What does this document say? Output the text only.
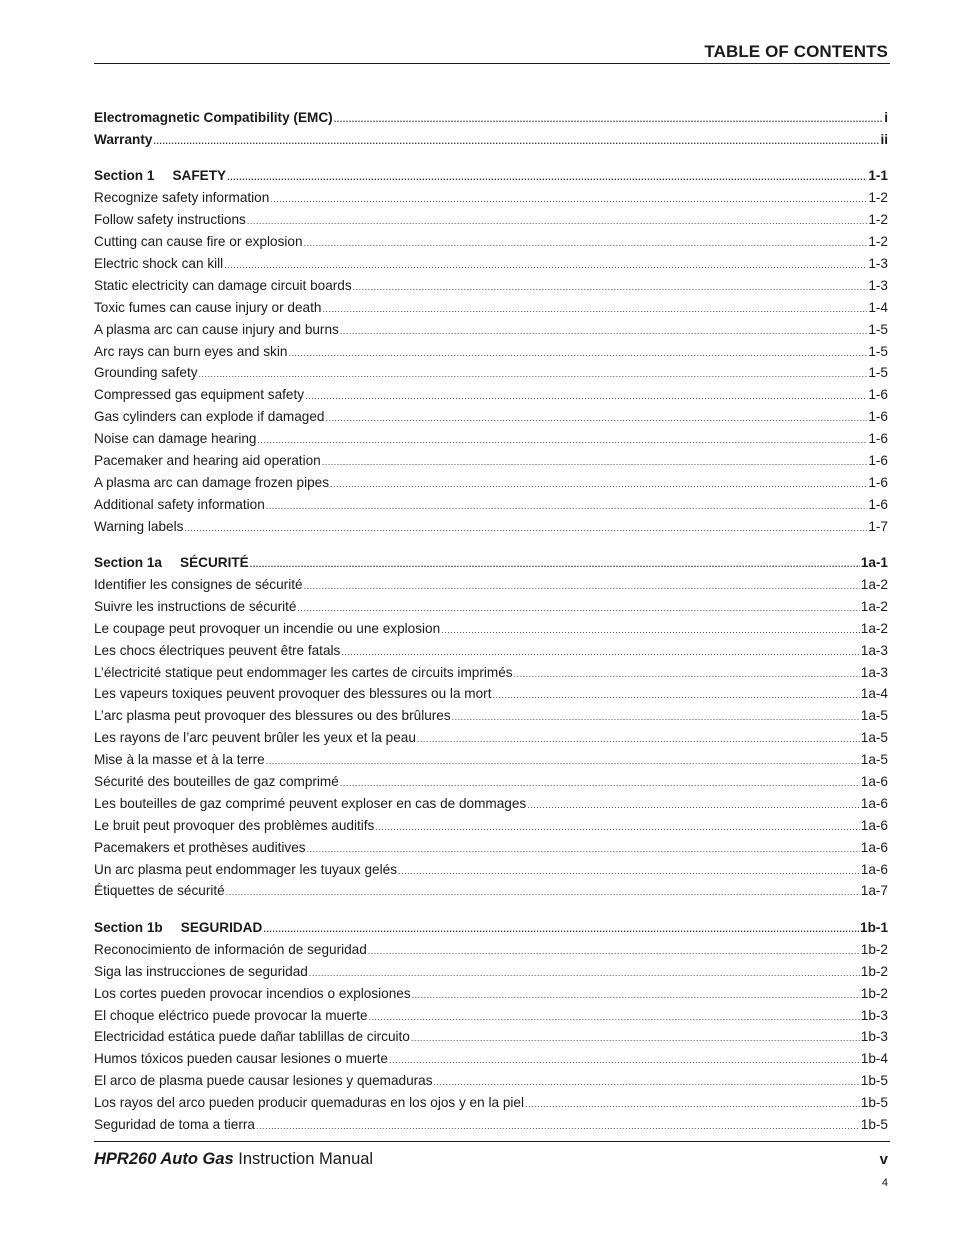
TABLE OF CONTENTS
Electromagnetic Compatibility (EMC) .....	i
Warranty .....	ii
Section 1 SAFETY .....	1-1
Recognize safety information .....	1-2
Follow safety instructions .....	1-2
Cutting can cause fire or explosion .....	1-2
Electric shock can kill .....	1-3
Static electricity can damage circuit boards .....	1-3
Toxic fumes can cause injury or death .....	1-4
A plasma arc can cause injury and burns .....	1-5
Arc rays can burn eyes and skin .....	1-5
Grounding safety .....	1-5
Compressed gas equipment safety .....	1-6
Gas cylinders can explode if damaged .....	1-6
Noise can damage hearing .....	1-6
Pacemaker and hearing aid operation .....	1-6
A plasma arc can damage frozen pipes .....	1-6
Additional safety information .....	1-6
Warning labels .....	1-7
Section 1a SÉCURITÉ .....	1a-1
Identifier les consignes de sécurité .....	1a-2
Suivre les instructions de sécurité .....	1a-2
Le coupage peut provoquer un incendie ou une explosion .....	1a-2
Les chocs électriques peuvent être fatals .....	1a-3
L’électricité statique peut endommager les cartes de circuits imprimés .....	1a-3
Les vapeurs toxiques peuvent provoquer des blessures ou la mort .....	1a-4
L’arc plasma peut provoquer des blessures ou des brûlures .....	1a-5
Les rayons de l’arc peuvent brûler les yeux et la peau .....	1a-5
Mise à la masse et à la terre .....	1a-5
Sécurité des bouteilles de gaz comprimé .....	1a-6
Les bouteilles de gaz comprimé peuvent exploser en cas de dommages .....	1a-6
Le bruit peut provoquer des problèmes auditifs .....	1a-6
Pacemakers et prothèses auditives .....	1a-6
Un arc plasma peut endommager les tuyaux gelés .....	1a-6
Étiquettes de sécurité .....	1a-7
Section 1b SEGURIDAD .....	1b-1
Reconocimiento de información de seguridad .....	1b-2
Siga las instrucciones de seguridad .....	1b-2
Los cortes pueden provocar incendios o explosiones .....	1b-2
El choque eléctrico puede provocar la muerte .....	1b-3
Electricidad estática puede dañar tablillas de circuito .....	1b-3
Humos tóxicos pueden causar lesiones o muerte .....	1b-4
El arco de plasma puede causar lesiones y quemaduras .....	1b-5
Los rayos del arco pueden producir quemaduras en los ojos y en la piel .....	1b-5
Seguridad de toma a tierra .....	1b-5
HPR260 Auto Gas Instruction Manual	v
4
